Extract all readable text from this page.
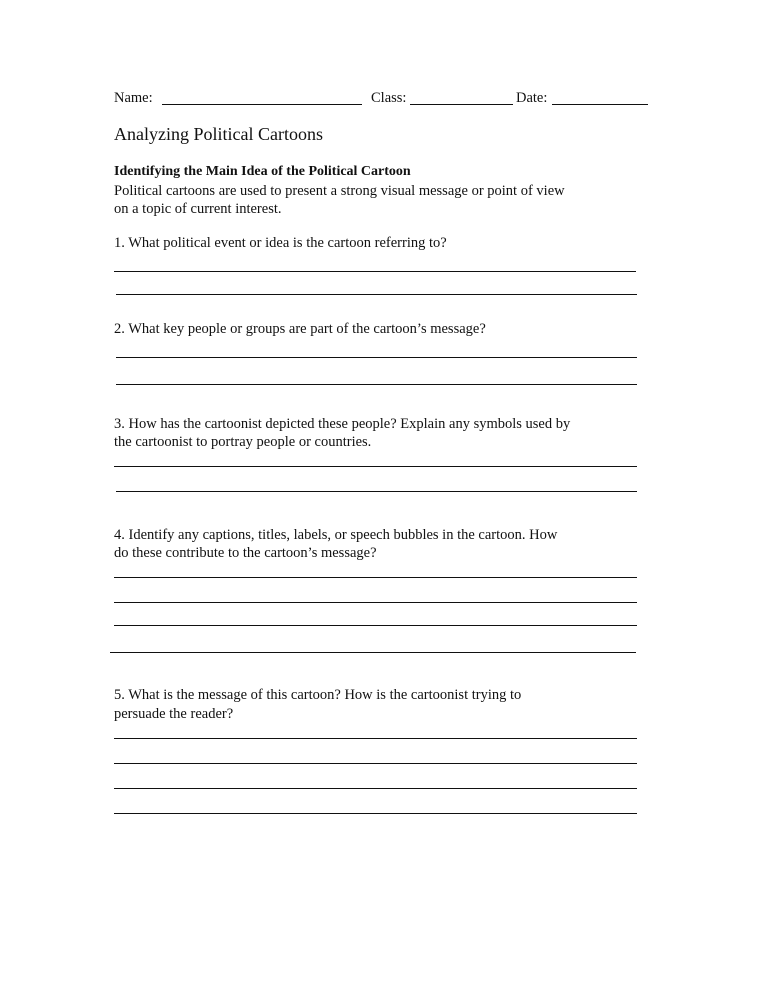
Name:	Class:	Date:
Analyzing Political Cartoons
Identifying the Main Idea of the Political Cartoon
Political cartoons are used to present a strong visual message or point of view
on a topic of current interest.
1. What political event or idea is the cartoon referring to?
2. What key people or groups are part of the cartoon’s message?
3. How has the cartoonist depicted these people? Explain any symbols used by
the cartoonist to portray people or countries.
4. Identify any captions, titles, labels, or speech bubbles in the cartoon. How
do these contribute to the cartoon’s message?
5. What is the message of this cartoon? How is the cartoonist trying to
persuade the reader?
